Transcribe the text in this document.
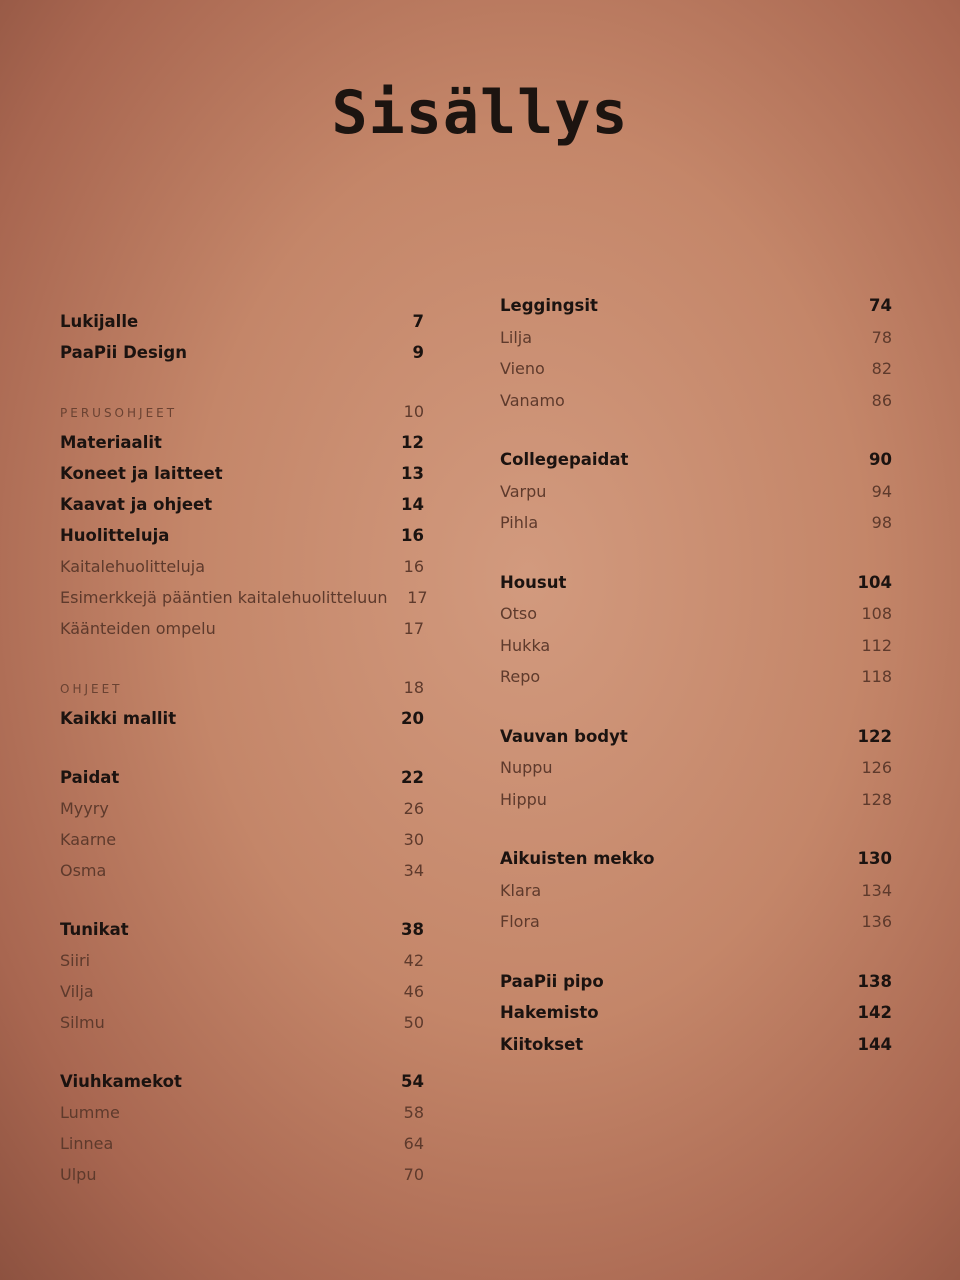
Sisällys
Lukijalle	7
PaaPii Design	9
PERUSOHJEET	10
Materiaalit	12
Koneet ja laitteet	13
Kaavat ja ohjeet	14
Huolitteluja	16
Kaitalehuolitteluja	16
Esimerkkejä pääntien kaitalehuolitteluun	17
Käänteiden ompelu	17
OHJEET	18
Kaikki mallit	20
Paidat	22
Myyry	26
Kaarne	30
Osma	34
Tunikat	38
Siiri	42
Vilja	46
Silmu	50
Viuhkamekot	54
Lumme	58
Linnea	64
Ulpu	70
Leggingsit	74
Lilja	78
Vieno	82
Vanamo	86
Collegepaidat	90
Varpu	94
Pihla	98
Housut	104
Otso	108
Hukka	112
Repo	118
Vauvan bodyt	122
Nuppu	126
Hippu	128
Aikuisten mekko	130
Klara	134
Flora	136
PaaPii pipo	138
Hakemisto	142
Kiitokset	144
